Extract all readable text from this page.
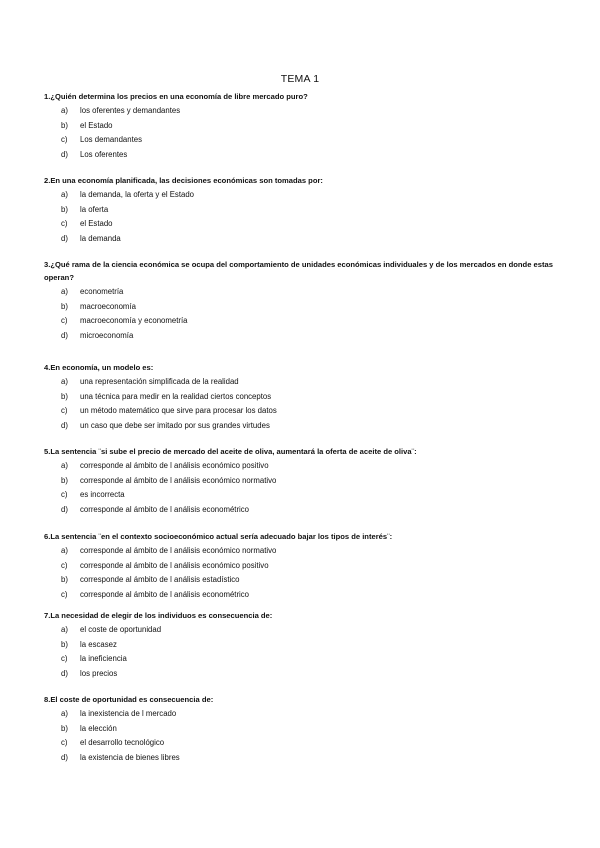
TEMA 1

1.¿Quién determina los precios en una economía de libre mercado puro?

a) los oferentes y demandantes
b) el Estado
c) Los demandantes
d) Los oferentes

2.En una economía planificada, las decisiones económicas son tomadas por:

a) la demanda, la oferta y el Estado
b) la oferta
c) el Estado
d) la demanda

3.¿Qué rama de la ciencia económica se ocupa del comportamiento de unidades económicas individuales y de los mercados en donde estas operan?

a) econometría
b) macroeconomía
c) macroeconomía y econometría
d) microeconomía

4.En economía, un modelo es:

a) una representación simplificada de la realidad
b) una técnica para medir en la realidad ciertos conceptos
c) un método matemático que sirve para procesar los datos
d) un caso que debe ser imitado por sus grandes virtudes

5.La sentencia ¨si sube el precio de mercado del aceite de oliva, aumentará la oferta de aceite de oliva¨:

a) corresponde al ámbito de l análisis económico positivo
b) corresponde al ámbito de l análisis económico normativo
c) es incorrecta
d) corresponde al ámbito de l análisis econométrico

6.La sentencia ¨en el contexto socioeconómico actual sería adecuado bajar los tipos de interés¨:

a) corresponde al ámbito de l análisis económico normativo
c) corresponde al ámbito de l análisis económico positivo
b) corresponde al ámbito de l análisis estadístico
c) corresponde al ámbito de l análisis econométrico

7.La necesidad de elegir de los individuos es consecuencia de:

a) el coste de oportunidad
b) la escasez
c) la ineficiencia
d) los precios

8.El coste de oportunidad es consecuencia de:

a) la inexistencia de l mercado
b) la elección
c) el desarrollo tecnológico
d) la existencia de bienes libres
